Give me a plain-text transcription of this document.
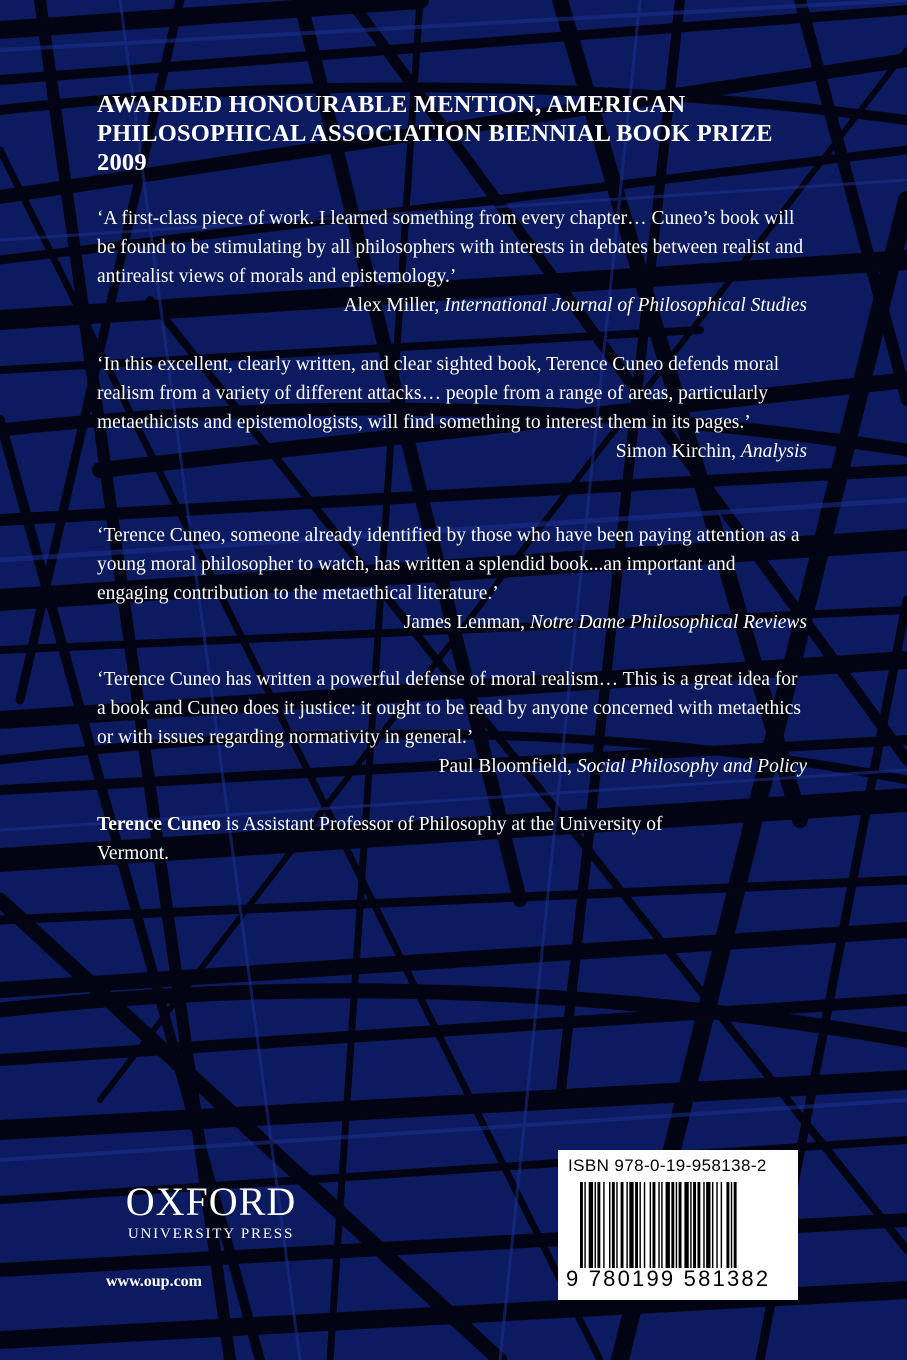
AWARDED HONOURABLE MENTION, AMERICAN PHILOSOPHICAL ASSOCIATION BIENNIAL BOOK PRIZE 2009

‘A first-class piece of work. I learned something from every chapter… Cuneo’s book will be found to be stimulating by all philosophers with interests in debates between realist and antirealist views of morals and epistemology.’

Alex Miller, International Journal of Philosophical Studies

‘In this excellent, clearly written, and clear sighted book, Terence Cuneo defends moral realism from a variety of different attacks… people from a range of areas, particularly metaethicists and epistemologists, will find something to interest them in its pages.’

Simon Kirchin, Analysis

‘Terence Cuneo, someone already identified by those who have been paying attention as a young moral philosopher to watch, has written a splendid book...an important and engaging contribution to the metaethical literature.’

James Lenman, Notre Dame Philosophical Reviews

‘Terence Cuneo has written a powerful defense of moral realism… This is a great idea for a book and Cuneo does it justice: it ought to be read by anyone concerned with metaethics or with issues regarding normativity in general.’

Paul Bloomfield, Social Philosophy and Policy

Terence Cuneo is Assistant Professor of Philosophy at the University of Vermont.
OXFORD
UNIVERSITY PRESS
www.oup.com
ISBN 978-0-19-958138-2
9 780199 581382
